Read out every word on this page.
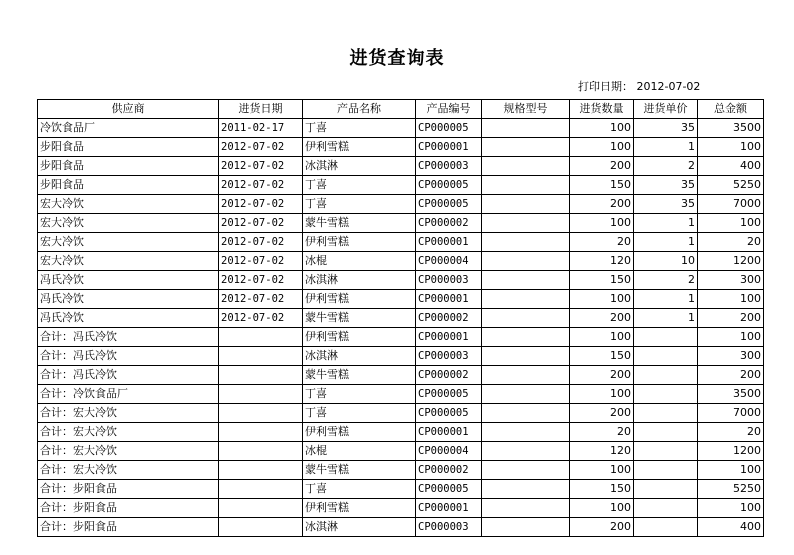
进货查询表
打印日期： 2012-07-02
供应商	进货日期	产品名称	产品编号	规格型号	进货数量	进货单价	总金额
冷饮食品厂	2011-02-17	丁喜	CP000005		100	35	3500
步阳食品	2012-07-02	伊利雪糕	CP000001		100	1	100
步阳食品	2012-07-02	冰淇淋	CP000003		200	2	400
步阳食品	2012-07-02	丁喜	CP000005		150	35	5250
宏大冷饮	2012-07-02	丁喜	CP000005		200	35	7000
宏大冷饮	2012-07-02	蒙牛雪糕	CP000002		100	1	100
宏大冷饮	2012-07-02	伊利雪糕	CP000001		20	1	20
宏大冷饮	2012-07-02	冰棍	CP000004		120	10	1200
冯氏冷饮	2012-07-02	冰淇淋	CP000003		150	2	300
冯氏冷饮	2012-07-02	伊利雪糕	CP000001		100	1	100
冯氏冷饮	2012-07-02	蒙牛雪糕	CP000002		200	1	200
合计：冯氏冷饮		伊利雪糕	CP000001		100		100
合计：冯氏冷饮		冰淇淋	CP000003		150		300
合计：冯氏冷饮		蒙牛雪糕	CP000002		200		200
合计：冷饮食品厂		丁喜	CP000005		100		3500
合计：宏大冷饮		丁喜	CP000005		200		7000
合计：宏大冷饮		伊利雪糕	CP000001		20		20
合计：宏大冷饮		冰棍	CP000004		120		1200
合计：宏大冷饮		蒙牛雪糕	CP000002		100		100
合计：步阳食品		丁喜	CP000005		150		5250
合计：步阳食品		伊利雪糕	CP000001		100		100
合计：步阳食品		冰淇淋	CP000003		200		400
